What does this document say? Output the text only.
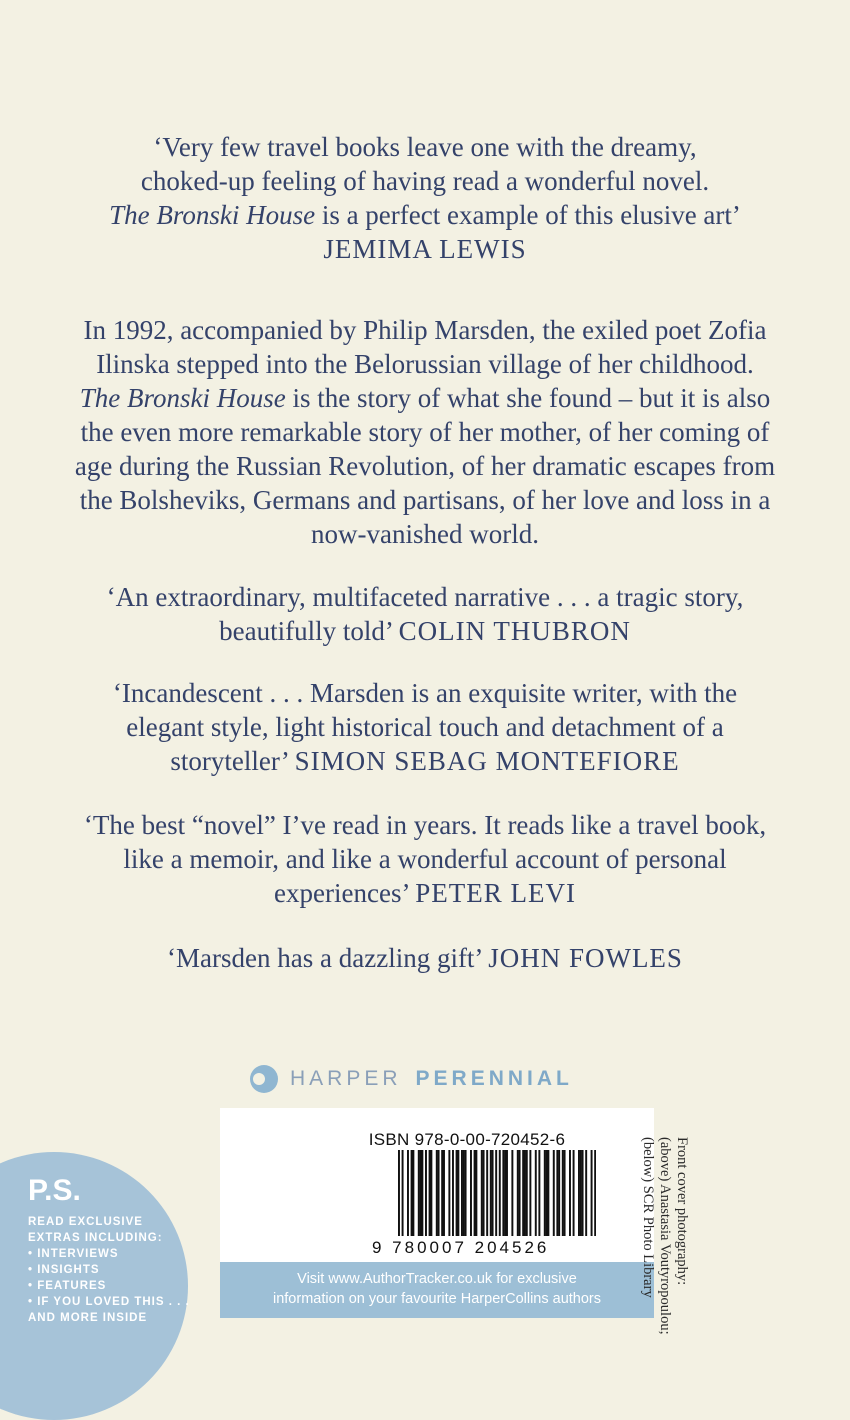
‘Very few travel books leave one with the dreamy,
choked-up feeling of having read a wonderful novel.
The Bronski House is a perfect example of this elusive art’
JEMIMA LEWIS
In 1992, accompanied by Philip Marsden, the exiled poet Zofia
Ilinska stepped into the Belorussian village of her childhood.
The Bronski House is the story of what she found – but it is also
the even more remarkable story of her mother, of her coming of
age during the Russian Revolution, of her dramatic escapes from
the Bolsheviks, Germans and partisans, of her love and loss in a
now-vanished world.
‘An extraordinary, multifaceted narrative . . . a tragic story,
beautifully told’ COLIN THUBRON
‘Incandescent . . . Marsden is an exquisite writer, with the
elegant style, light historical touch and detachment of a
storyteller’ SIMON SEBAG MONTEFIORE
‘The best “novel” I’ve read in years. It reads like a travel book,
like a memoir, and like a wonderful account of personal
experiences’ PETER LEVI
‘Marsden has a dazzling gift’ JOHN FOWLES
HARPER PERENNIAL
P.S.
READ EXCLUSIVE
EXTRAS INCLUDING:
• INTERVIEWS
• INSIGHTS
• FEATURES
• IF YOU LOVED THIS . . .
AND MORE INSIDE
ISBN 978-0-00-720452-6
9 780007 204526
Visit www.AuthorTracker.co.uk for exclusive
information on your favourite HarperCollins authors
Front cover photography:
(above) Anastasia Voutyropoulou;
(below) SCR Photo Library
